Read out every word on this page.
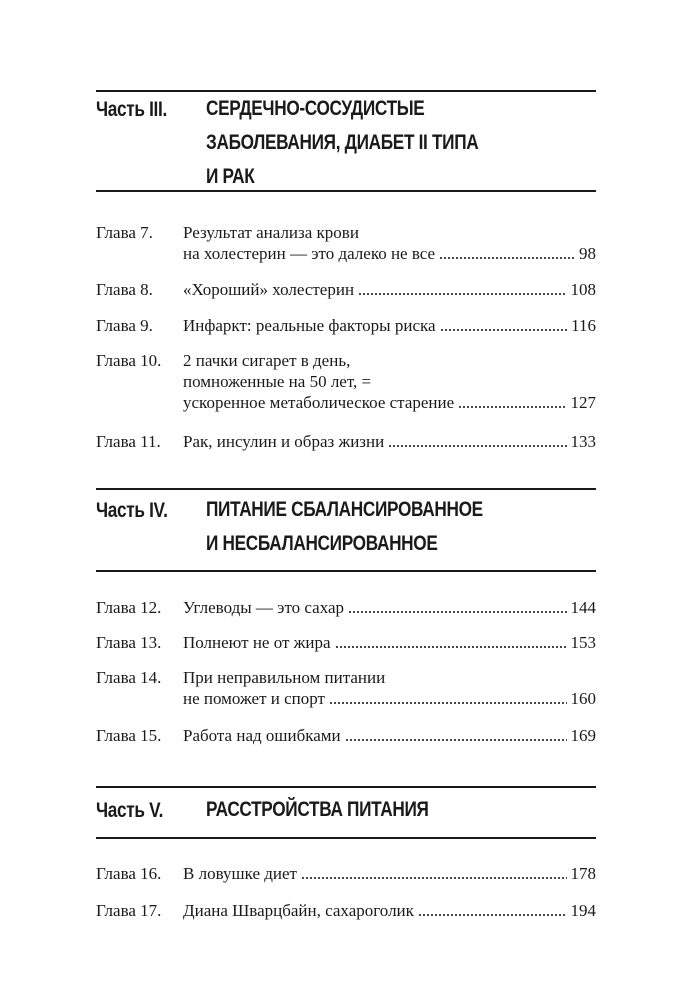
Часть III. СЕРДЕЧНО-СОСУДИСТЫЕ
ЗАБОЛЕВАНИЯ, ДИАБЕТ II ТИПА
И РАК
Глава 7. Результат анализа крови
на холестерин — это далеко не все	98
Глава 8. «Хороший» холестерин	108
Глава 9. Инфаркт: реальные факторы риска	116
Глава 10. 2 пачки сигарет в день,
помноженные на 50 лет, =
ускоренное метаболическое старение	127
Глава 11. Рак, инсулин и образ жизни	133
Часть IV. ПИТАНИЕ СБАЛАНСИРОВАННОЕ
И НЕСБАЛАНСИРОВАННОЕ
Глава 12. Углеводы — это сахар	144
Глава 13. Полнеют не от жира	153
Глава 14. При неправильном питании
не поможет и спорт	160
Глава 15. Работа над ошибками	169
Часть V. РАССТРОЙСТВА ПИТАНИЯ
Глава 16. В ловушке диет	178
Глава 17. Диана Шварцбайн, сахароголик	194
